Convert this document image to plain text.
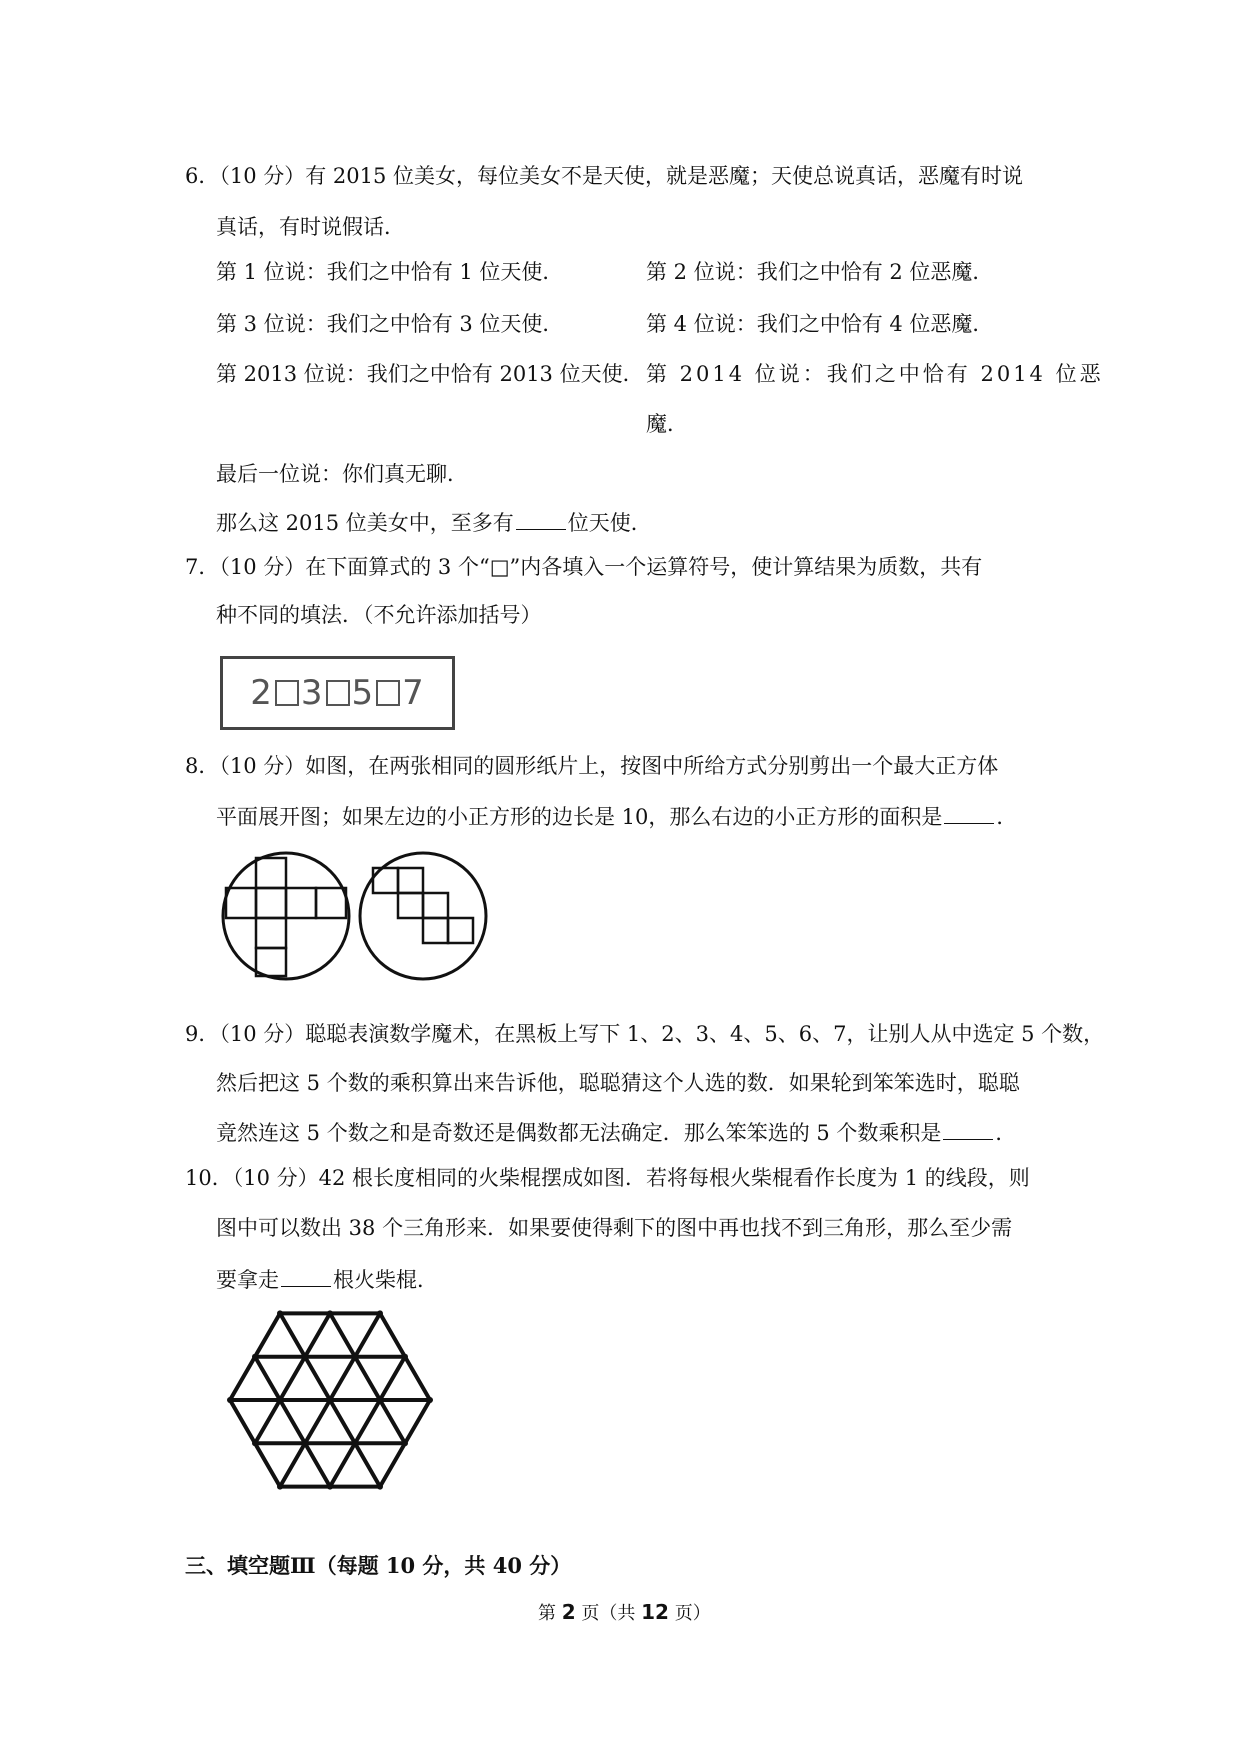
6．（10 分）有 2015 位美女，每位美女不是天使，就是恶魔；天使总说真话，恶魔有时说
真话，有时说假话．
第 1 位说：我们之中恰有 1 位天使．	第 2 位说：我们之中恰有 2 位恶魔．
第 3 位说：我们之中恰有 3 位天使．	第 4 位说：我们之中恰有 4 位恶魔．
第 2013 位说：我们之中恰有 2013 位天使． 第 2014 位说：我们之中恰有 2014 位恶
魔．
最后一位说：你们真无聊．
那么这 2015 位美女中，至多有	位天使．
7．（10 分）在下面算式的 3 个“□”内各填入一个运算符号，使计算结果为质数，共有
种不同的填法．（不允许添加括号）
2 3 5 7
8．（10 分）如图，在两张相同的圆形纸片上，按图中所给方式分别剪出一个最大正方体
平面展开图；如果左边的小正方形的边长是 10，那么右边的小正方形的面积是	．
9．（10 分）聪聪表演数学魔术，在黑板上写下 1、2、3、4、5、6、7，让别人从中选定 5 个数，
然后把这 5 个数的乘积算出来告诉他，聪聪猜这个人选的数．如果轮到笨笨选时，聪聪
竟然连这 5 个数之和是奇数还是偶数都无法确定．那么笨笨选的 5 个数乘积是	．
10．（10 分）42 根长度相同的火柴棍摆成如图．若将每根火柴棍看作长度为 1 的线段，则
图中可以数出 38 个三角形来．如果要使得剩下的图中再也找不到三角形，那么至少需
要拿走	根火柴棍．
三、填空题Ⅲ（每题 10 分，共 40 分）
第 2 页（共 12 页）
